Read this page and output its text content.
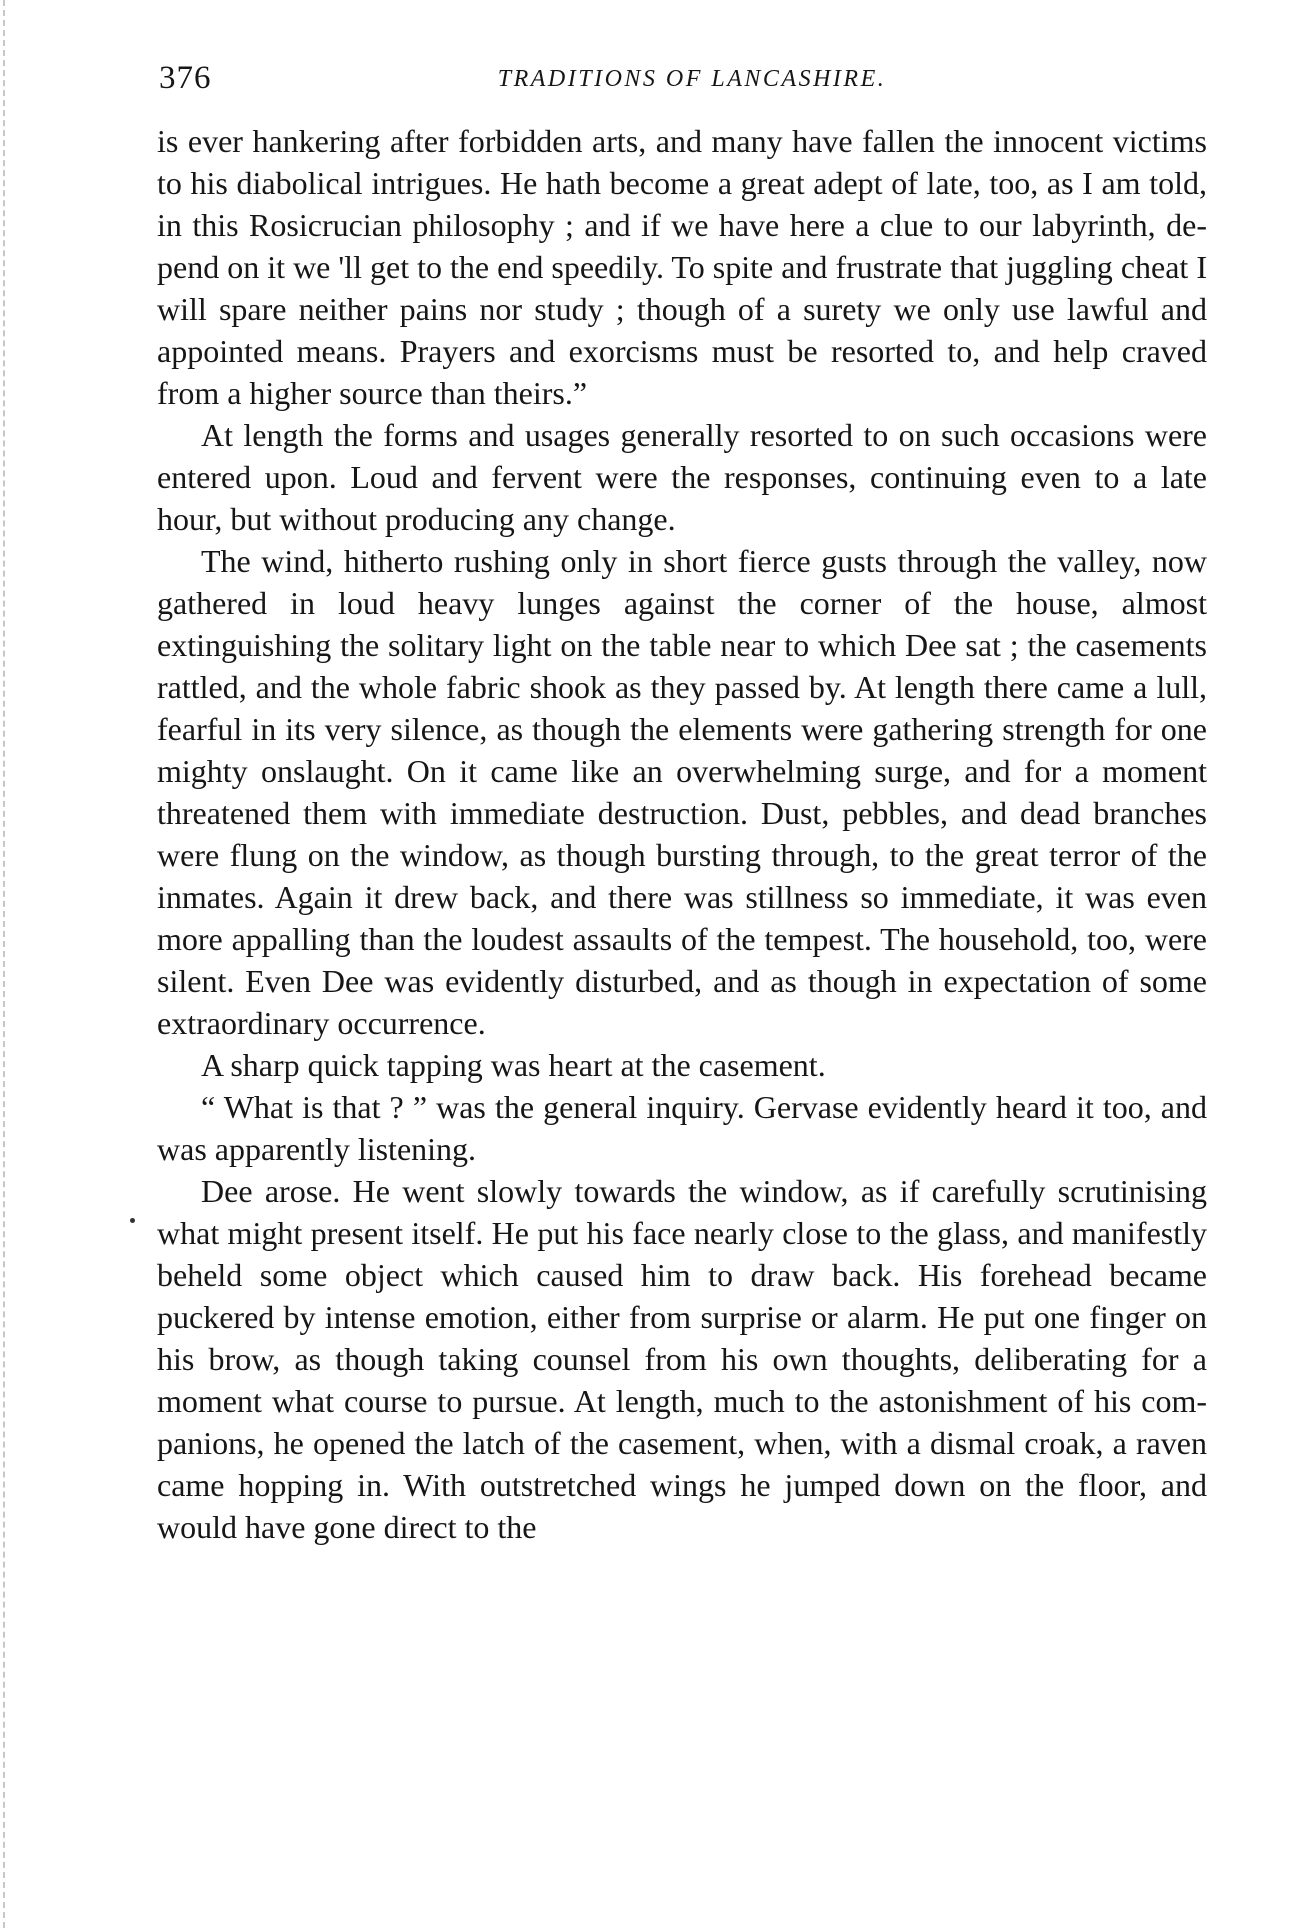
376	TRADITIONS OF LANCASHIRE.

is ever hankering after forbidden arts, and many have fallen the innocent victims to his diabolical intrigues. He hath become a great adept of late, too, as I am told, in this Rosicrucian philosophy ; and if we have here a clue to our labyrinth, depend on it we 'll get to the end speedily. To spite and frustrate that juggling cheat I will spare neither pains nor study ; though of a surety we only use lawful and appointed means. Prayers and exorcisms must be resorted to, and help craved from a higher source than theirs.”

At length the forms and usages generally resorted to on such occasions were entered upon. Loud and fervent were the responses, continuing even to a late hour, but without producing any change.

The wind, hitherto rushing only in short fierce gusts through the valley, now gathered in loud heavy lunges against the corner of the house, almost extinguishing the solitary light on the table near to which Dee sat ; the casements rattled, and the whole fabric shook as they passed by. At length there came a lull, fearful in its very silence, as though the elements were gathering strength for one mighty onslaught. On it came like an overwhelming surge, and for a moment threatened them with immediate destruction. Dust, pebbles, and dead branches were flung on the window, as though bursting through, to the great terror of the inmates. Again it drew back, and there was stillness so immediate, it was even more appalling than the loudest assaults of the tempest. The household, too, were silent. Even Dee was evidently disturbed, and as though in expectation of some extraordinary occurrence.

A sharp quick tapping was heart at the casement.

“ What is that ? ” was the general inquiry. Gervase evidently heard it too, and was apparently listening.

Dee arose. He went slowly towards the window, as if carefully scrutinising what might present itself. He put his face nearly close to the glass, and manifestly beheld some object which caused him to draw back. His forehead became puckered by intense emotion, either from surprise or alarm. He put one finger on his brow, as though taking counsel from his own thoughts, deliberating for a moment what course to pursue. At length, much to the astonishment of his companions, he opened the latch of the casement, when, with a dismal croak, a raven came hopping in. With outstretched wings he jumped down on the floor, and would have gone direct to the
